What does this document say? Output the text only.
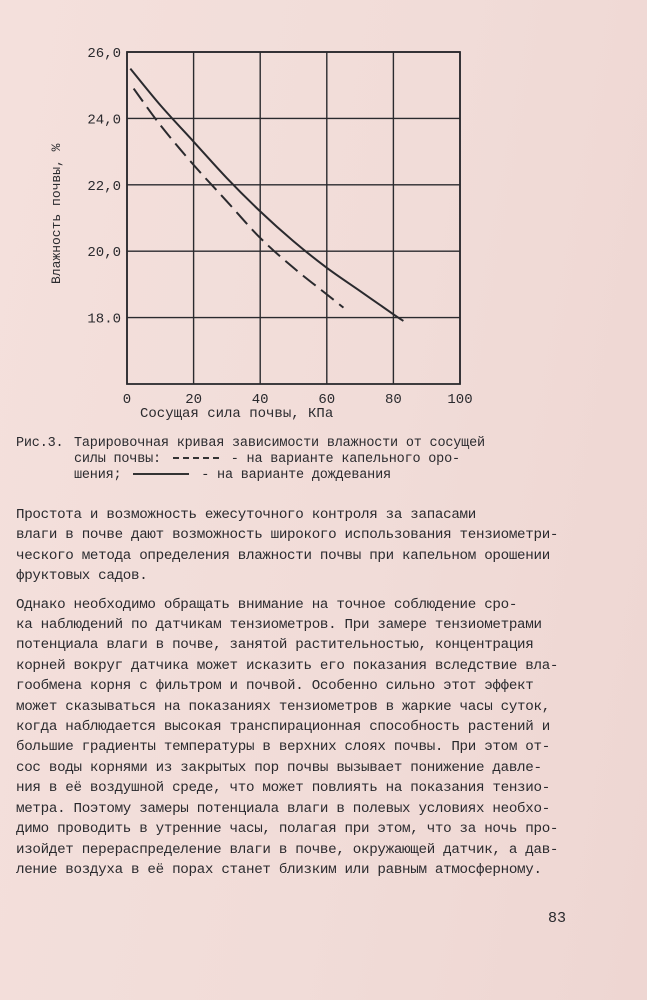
0	20	40	60	80	100
18.0
20,0
22,0
24,0
26,0
Сосущая сила почвы, КПа
Влажность почвы, %
Рис.3. Тарировочная кривая зависимости влажности от сосущей
силы почвы:	- на варианте капельного оро-
шения;	- на варианте дождевания

Простота и возможность ежесуточного контроля за запасами
влаги в почве дают возможность широкого использования тензиометри-
ческого метода определения влажности почвы при капельном орошении
фруктовых садов.

Однако необходимо обращать внимание на точное соблюдение сро-
ка наблюдений по датчикам тензиометров. При замере тензиометрами
потенциала влаги в почве, занятой растительностью, концентрация
корней вокруг датчика может исказить его показания вследствие вла-
гообмена корня с фильтром и почвой. Особенно сильно этот эффект
может сказываться на показаниях тензиометров в жаркие часы суток,
когда наблюдается высокая транспирационная способность растений и
большие градиенты температуры в верхних слоях почвы. При этом от-
сос воды корнями из закрытых пор почвы вызывает понижение давле-
ния в её воздушной среде, что может повлиять на показания тензио-
метра. Поэтому замеры потенциала влаги в полевых условиях необхо-
димо проводить в утренние часы, полагая при этом, что за ночь про-
изойдет перераспределение влаги в почве, окружающей датчик, а дав-
ление воздуха в её порах станет близким или равным атмосферному.

83
